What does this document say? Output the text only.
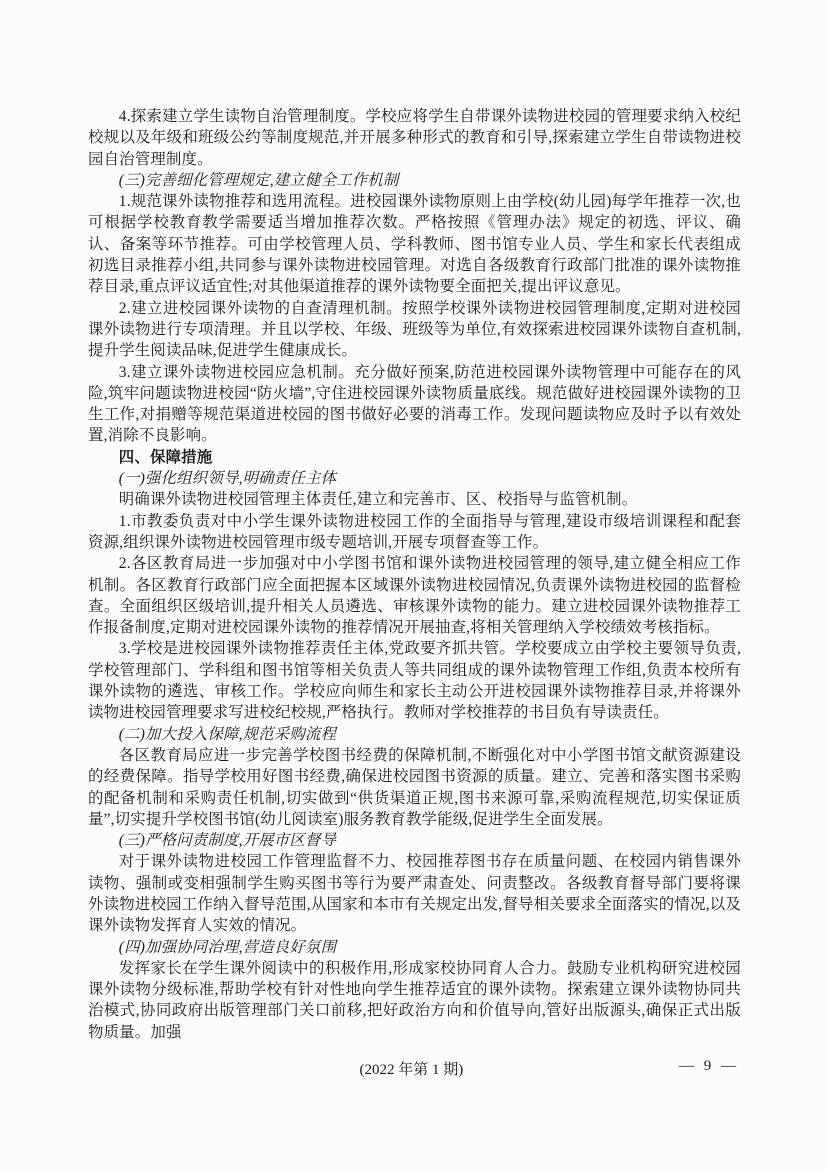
4.探索建立学生读物自治管理制度。学校应将学生自带课外读物进校园的管理要求纳入校纪校规以及年级和班级公约等制度规范,并开展多种形式的教育和引导,探索建立学生自带读物进校园自治管理制度。

(三)完善细化管理规定,建立健全工作机制

1.规范课外读物推荐和选用流程。进校园课外读物原则上由学校(幼儿园)每学年推荐一次,也可根据学校教育教学需要适当增加推荐次数。严格按照《管理办法》规定的初选、评议、确认、备案等环节推荐。可由学校管理人员、学科教师、图书馆专业人员、学生和家长代表组成初选目录推荐小组,共同参与课外读物进校园管理。对选自各级教育行政部门批准的课外读物推荐目录,重点评议适宜性;对其他渠道推荐的课外读物要全面把关,提出评议意见。

2.建立进校园课外读物的自查清理机制。按照学校课外读物进校园管理制度,定期对进校园课外读物进行专项清理。并且以学校、年级、班级等为单位,有效探索进校园课外读物自查机制,提升学生阅读品味,促进学生健康成长。

3.建立课外读物进校园应急机制。充分做好预案,防范进校园课外读物管理中可能存在的风险,筑牢问题读物进校园“防火墙”,守住进校园课外读物质量底线。规范做好进校园课外读物的卫生工作,对捐赠等规范渠道进校园的图书做好必要的消毒工作。发现问题读物应及时予以有效处置,消除不良影响。

四、保障措施

(一)强化组织领导,明确责任主体

明确课外读物进校园管理主体责任,建立和完善市、区、校指导与监管机制。

1.市教委负责对中小学生课外读物进校园工作的全面指导与管理,建设市级培训课程和配套资源,组织课外读物进校园管理市级专题培训,开展专项督查等工作。

2.各区教育局进一步加强对中小学图书馆和课外读物进校园管理的领导,建立健全相应工作机制。各区教育行政部门应全面把握本区域课外读物进校园情况,负责课外读物进校园的监督检查。全面组织区级培训,提升相关人员遴选、审核课外读物的能力。建立进校园课外读物推荐工作报备制度,定期对进校园课外读物的推荐情况开展抽查,将相关管理纳入学校绩效考核指标。

3.学校是进校园课外读物推荐责任主体,党政要齐抓共管。学校要成立由学校主要领导负责,学校管理部门、学科组和图书馆等相关负责人等共同组成的课外读物管理工作组,负责本校所有课外读物的遴选、审核工作。学校应向师生和家长主动公开进校园课外读物推荐目录,并将课外读物进校园管理要求写进校纪校规,严格执行。教师对学校推荐的书目负有导读责任。

(二)加大投入保障,规范采购流程

各区教育局应进一步完善学校图书经费的保障机制,不断强化对中小学图书馆文献资源建设的经费保障。指导学校用好图书经费,确保进校园图书资源的质量。建立、完善和落实图书采购的配备机制和采购责任机制,切实做到“供货渠道正规,图书来源可靠,采购流程规范,切实保证质量”,切实提升学校图书馆(幼儿阅读室)服务教育教学能级,促进学生全面发展。

(三)严格问责制度,开展市区督导

对于课外读物进校园工作管理监督不力、校园推荐图书存在质量问题、在校园内销售课外读物、强制或变相强制学生购买图书等行为要严肃查处、问责整改。各级教育督导部门要将课外读物进校园工作纳入督导范围,从国家和本市有关规定出发,督导相关要求全面落实的情况,以及课外读物发挥育人实效的情况。

(四)加强协同治理,营造良好氛围

发挥家长在学生课外阅读中的积极作用,形成家校协同育人合力。鼓励专业机构研究进校园课外读物分级标准,帮助学校有针对性地向学生推荐适宜的课外读物。探索建立课外读物协同共治模式,协同政府出版管理部门关口前移,把好政治方向和价值导向,管好出版源头,确保正式出版物质量。加强

(2022 年第 1 期)	— 9 —
